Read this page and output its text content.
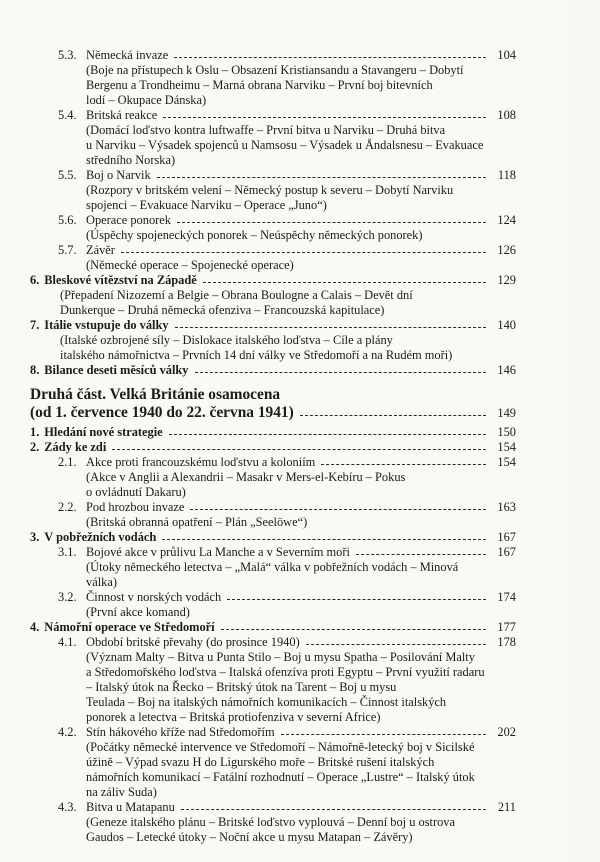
5.3. Německá invaze	104
(Boje na přístupech k Oslu – Obsazení Kristiansandu a Stavangeru – Dobytí
Bergenu a Trondheimu – Marná obrana Narviku – První boj bitevních
lodí – Okupace Dánska)
5.4. Britská reakce	108
(Domácí loďstvo kontra luftwaffe – První bitva u Narviku – Druhá bitva
u Narviku – Výsadek spojenců u Namsosu – Výsadek u Åndalsnesu – Evakuace
středního Norska)
5.5. Boj o Narvik	118
(Rozpory v britském velení – Německý postup k severu – Dobytí Narviku
spojenci – Evakuace Narviku – Operace „Juno“)
5.6. Operace ponorek	124
(Úspěchy spojeneckých ponorek – Neúspěchy německých ponorek)
5.7. Závěr	126
(Německé operace – Spojenecké operace)
6. Bleskové vítězství na Západě	129
(Přepadení Nizozemí a Belgie – Obrana Boulogne a Calais – Devět dní
Dunkerque – Druhá německá ofenziva – Francouzská kapitulace)
7. Itálie vstupuje do války	140
(Italské ozbrojené síly – Dislokace italského loďstva – Cíle a plány
italského námořnictva – Prvních 14 dní války ve Středomoří a na Rudém moři)
8. Bilance deseti měsíců války	146
Druhá část. Velká Británie osamocena
(od 1. července 1940 do 22. června 1941)	149
1. Hledání nové strategie	150
2. Zády ke zdi	154
2.1. Akce proti francouzskému loďstvu a koloniím	154
(Akce v Anglii a Alexandrii – Masakr v Mers-el-Kebíru – Pokus
o ovládnutí Dakaru)
2.2. Pod hrozbou invaze	163
(Britská obranná opatření – Plán „Seelöwe“)
3. V pobřežních vodách	167
3.1. Bojové akce v průlivu La Manche a v Severním moři	167
(Útoky německého letectva – „Malá“ válka v pobřežních vodách – Minová
válka)
3.2. Činnost v norských vodách	174
(První akce komand)
4. Námořní operace ve Středomoří	177
4.1. Období britské převahy (do prosince 1940)	178
(Význam Malty – Bitva u Punta Stilo – Boj u mysu Spatha – Posilování Malty
a Středomořského loďstva – Italská ofenzíva proti Egyptu – První využití radaru
– Italský útok na Řecko – Britský útok na Tarent – Boj u mysu
Teulada – Boj na italských námořních komunikacích – Činnost italských
ponorek a letectva – Britská protiofenziva v severní Africe)
4.2. Stín hákového kříže nad Středomořím	202
(Počátky německé intervence ve Středomoří – Námořně-letecký boj v Sicilské
úžině – Výpad svazu H do Ligurského moře – Britské rušení italských
námořních komunikací – Fatální rozhodnutí – Operace „Lustre“ – Italský útok
na záliv Suda)
4.3. Bitva u Matapanu	211
(Geneze italského plánu – Britské loďstvo vyplouvá – Denní boj u ostrova
Gaudos – Letecké útoky – Noční akce u mysu Matapan – Závěry)
